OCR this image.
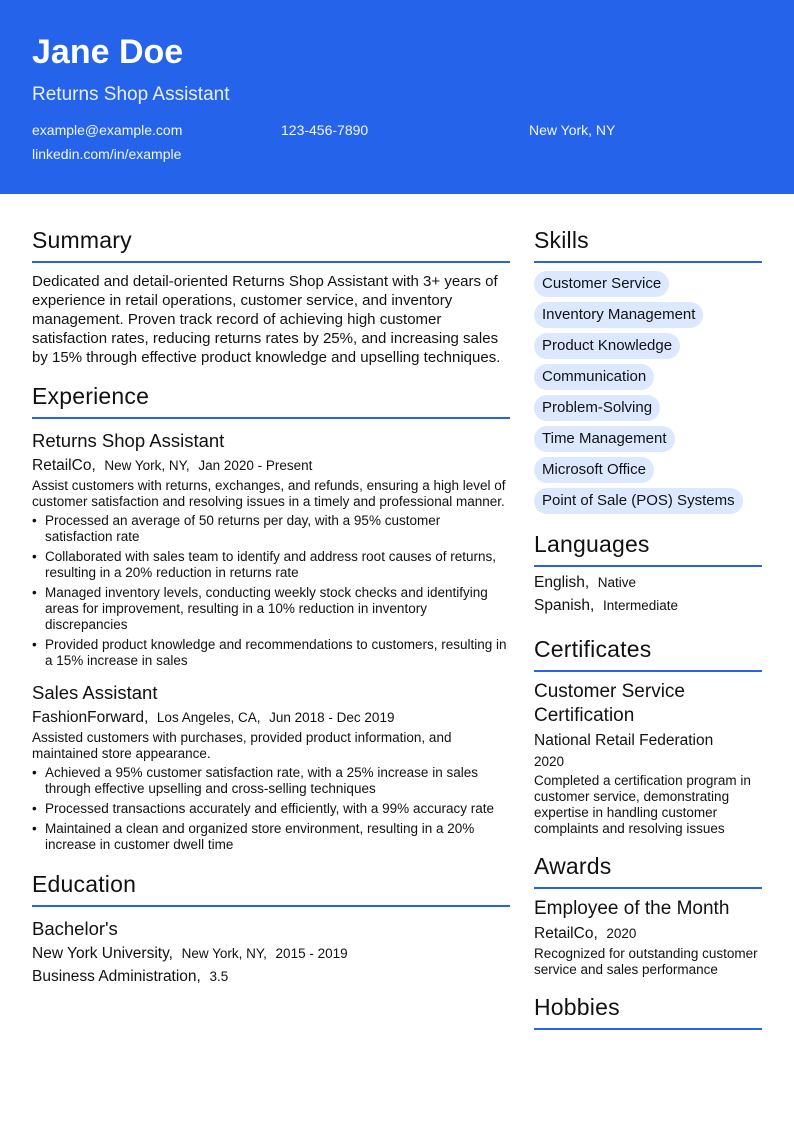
Jane Doe
Returns Shop Assistant
example@example.com	123-456-7890	New York, NY
linkedin.com/in/example
Summary

Dedicated and detail-oriented Returns Shop Assistant with 3+ years of experience in retail operations, customer service, and inventory management. Proven track record of achieving high customer satisfaction rates, reducing returns rates by 25%, and increasing sales by 15% through effective product knowledge and upselling techniques.

Experience
Returns Shop Assistant
RetailCo, New York, NY, Jan 2020 - Present
Assist customers with returns, exchanges, and refunds, ensuring a high level of customer satisfaction and resolving issues in a timely and professional manner.
• Processed an average of 50 returns per day, with a 95% customer satisfaction rate
• Collaborated with sales team to identify and address root causes of returns, resulting in a 20% reduction in returns rate
• Managed inventory levels, conducting weekly stock checks and identifying areas for improvement, resulting in a 10% reduction in inventory discrepancies
• Provided product knowledge and recommendations to customers, resulting in a 15% increase in sales
Sales Assistant
FashionForward, Los Angeles, CA, Jun 2018 - Dec 2019
Assisted customers with purchases, provided product information, and maintained store appearance.
• Achieved a 95% customer satisfaction rate, with a 25% increase in sales through effective upselling and cross-selling techniques
• Processed transactions accurately and efficiently, with a 99% accuracy rate
• Maintained a clean and organized store environment, resulting in a 20% increase in customer dwell time
Education
Bachelor's
New York University, New York, NY, 2015 - 2019
Business Administration, 3.5
Skills
Customer Service
Inventory Management
Product Knowledge
Communication
Problem-Solving
Time Management
Microsoft Office
Point of Sale (POS) Systems
Languages
English, Native
Spanish, Intermediate
Certificates
Customer Service Certification
National Retail Federation
2020
Completed a certification program in customer service, demonstrating expertise in handling customer complaints and resolving issues
Awards
Employee of the Month
RetailCo, 2020
Recognized for outstanding customer service and sales performance
Hobbies
